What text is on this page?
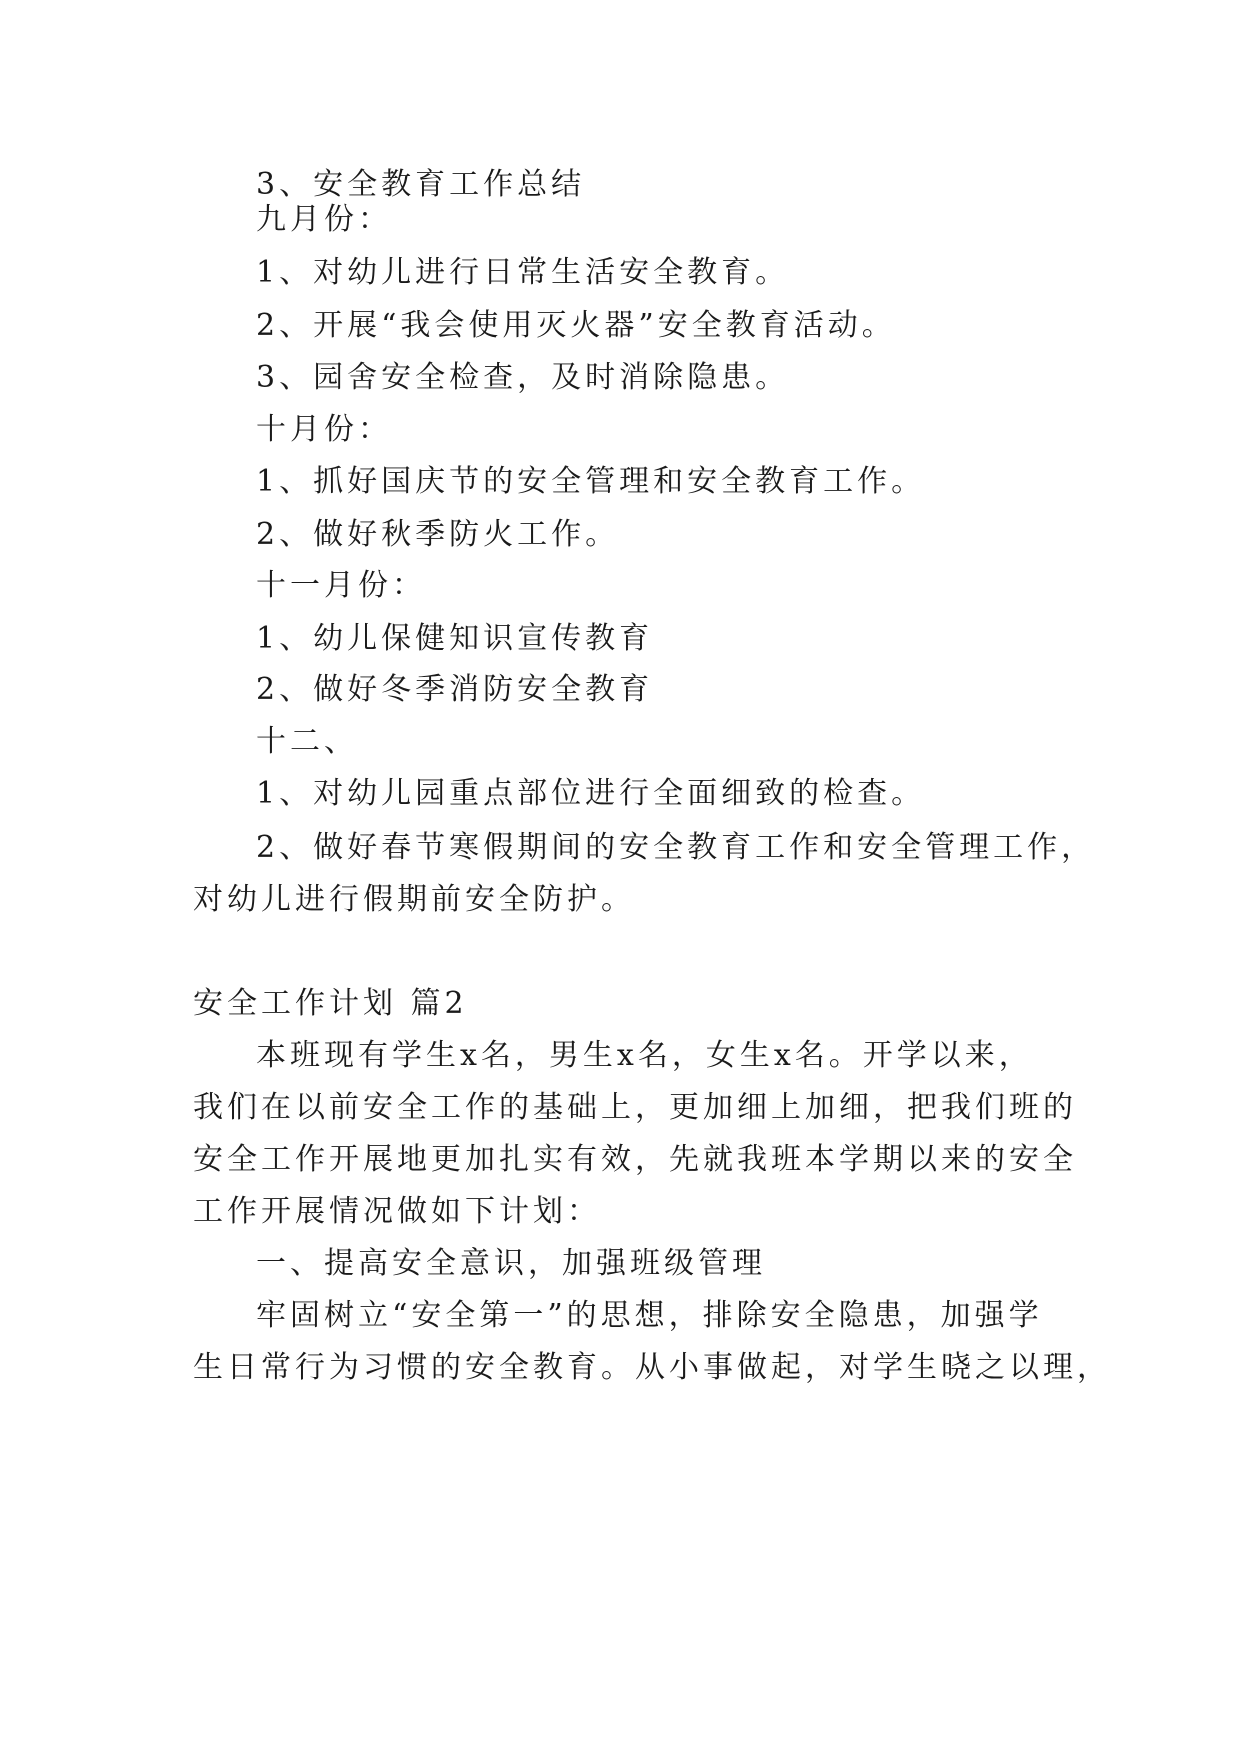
3、安全教育工作总结
九月份：
1、对幼儿进行日常生活安全教育。
2、开展“我会使用灭火器”安全教育活动。
3、园舍安全检查，及时消除隐患。
十月份：
1、抓好国庆节的安全管理和安全教育工作。
2、做好秋季防火工作。
十一月份：
1、幼儿保健知识宣传教育
2、做好冬季消防安全教育
十二、
1、对幼儿园重点部位进行全面细致的检查。
2、做好春节寒假期间的安全教育工作和安全管理工作，
对幼儿进行假期前安全防护。
安全工作计划 篇2
本班现有学生x名，男生x名，女生x名。开学以来，
我们在以前安全工作的基础上，更加细上加细，把我们班的
安全工作开展地更加扎实有效，先就我班本学期以来的安全
工作开展情况做如下计划：
一、提高安全意识，加强班级管理
牢固树立“安全第一”的思想，排除安全隐患，加强学
生日常行为习惯的安全教育。从小事做起，对学生晓之以理，
